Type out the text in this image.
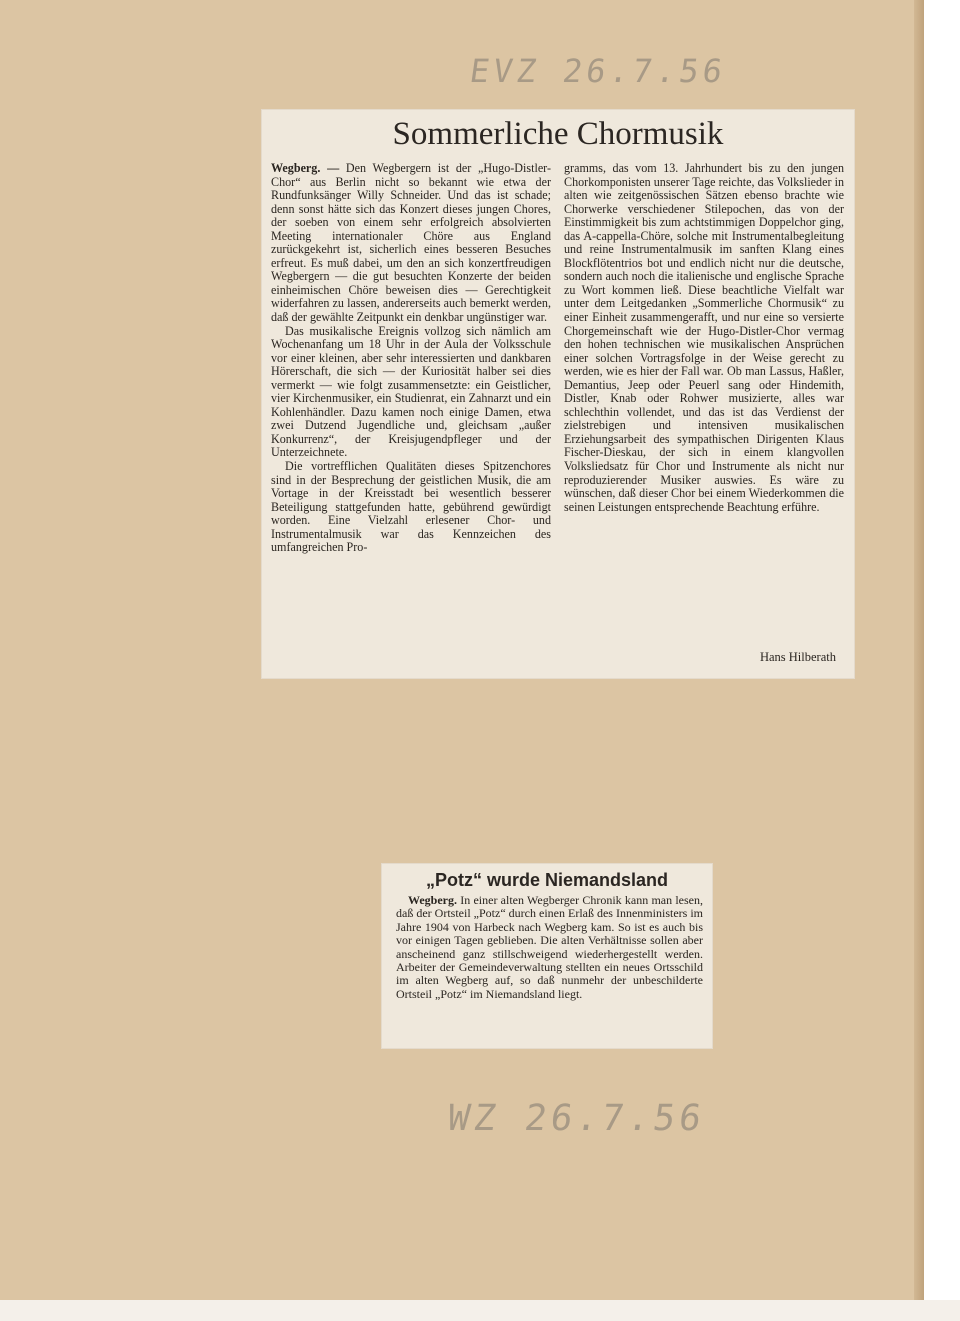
EVZ 26.7.56
Sommerliche Chormusik

Wegberg. — Den Wegbergern ist der „Hugo-Distler-Chor“ aus Berlin nicht so bekannt wie etwa der Rundfunksänger Willy Schneider. Und das ist schade; denn sonst hätte sich das Konzert dieses jungen Chores, der soeben von einem sehr erfolgreich absolvierten Meeting internationaler Chöre aus England zurückgekehrt ist, sicherlich eines besseren Besuches erfreut. Es muß dabei, um den an sich konzertfreudigen Wegbergern — die gut besuchten Konzerte der beiden einheimischen Chöre beweisen dies — Gerechtigkeit widerfahren zu lassen, andererseits auch bemerkt werden, daß der gewählte Zeitpunkt ein denkbar ungünstiger war.

Das musikalische Ereignis vollzog sich nämlich am Wochenanfang um 18 Uhr in der Aula der Volksschule vor einer kleinen, aber sehr interessierten und dankbaren Hörerschaft, die sich — der Kuriosität halber sei dies vermerkt — wie folgt zusammensetzte: ein Geistlicher, vier Kirchenmusiker, ein Studienrat, ein Zahnarzt und ein Kohlenhändler. Dazu kamen noch einige Damen, etwa zwei Dutzend Jugendliche und, gleichsam „außer Konkurrenz“, der Kreisjugendpfleger und der Unterzeichnete.

Die vortrefflichen Qualitäten dieses Spitzenchores sind in der Besprechung der geistlichen Musik, die am Vortage in der Kreisstadt bei wesentlich besserer Beteiligung stattgefunden hatte, gebührend gewürdigt worden. Eine Vielzahl erlesener Chor- und Instrumentalmusik war das Kennzeichen des umfangreichen Pro-

gramms, das vom 13. Jahrhundert bis zu den jungen Chorkomponisten unserer Tage reichte, das Volkslieder in alten wie zeitgenössischen Sätzen ebenso brachte wie Chorwerke verschiedener Stilepochen, das von der Einstimmigkeit bis zum achtstimmigen Doppelchor ging, das A-cappella-Chöre, solche mit Instrumentalbegleitung und reine Instrumentalmusik im sanften Klang eines Blockflötentrios bot und endlich nicht nur die deutsche, sondern auch noch die italienische und englische Sprache zu Wort kommen ließ. Diese beachtliche Vielfalt war unter dem Leitgedanken „Sommerliche Chormusik“ zu einer Einheit zusammengerafft, und nur eine so versierte Chorgemeinschaft wie der Hugo-Distler-Chor vermag den hohen technischen wie musikalischen Ansprüchen einer solchen Vortragsfolge in der Weise gerecht zu werden, wie es hier der Fall war. Ob man Lassus, Haßler, Demantius, Jeep oder Peuerl sang oder Hindemith, Distler, Knab oder Rohwer musizierte, alles war schlechthin vollendet, und das ist das Verdienst der zielstrebigen und intensiven musikalischen Erziehungsarbeit des sympathischen Dirigenten Klaus Fischer-Dieskau, der sich in einem klangvollen Volksliedsatz für Chor und Instrumente als nicht nur reproduzierender Musiker auswies. Es wäre zu wünschen, daß dieser Chor bei einem Wiederkommen die seinen Leistungen entsprechende Beachtung erführe.

Hans Hilberath
„Potz“ wurde Niemandsland
Wegberg. In einer alten Wegberger Chronik kann man lesen, daß der Ortsteil „Potz“ durch einen Erlaß des Innenministers im Jahre 1904 von Harbeck nach Wegberg kam. So ist es auch bis vor einigen Tagen geblieben. Die alten Verhältnisse sollen aber anscheinend ganz stillschweigend wiederhergestellt werden. Arbeiter der Gemeindeverwaltung stellten ein neues Ortsschild im alten Wegberg auf, so daß nunmehr der unbeschilderte Ortsteil „Potz“ im Niemandsland liegt.
WZ 26.7.56
